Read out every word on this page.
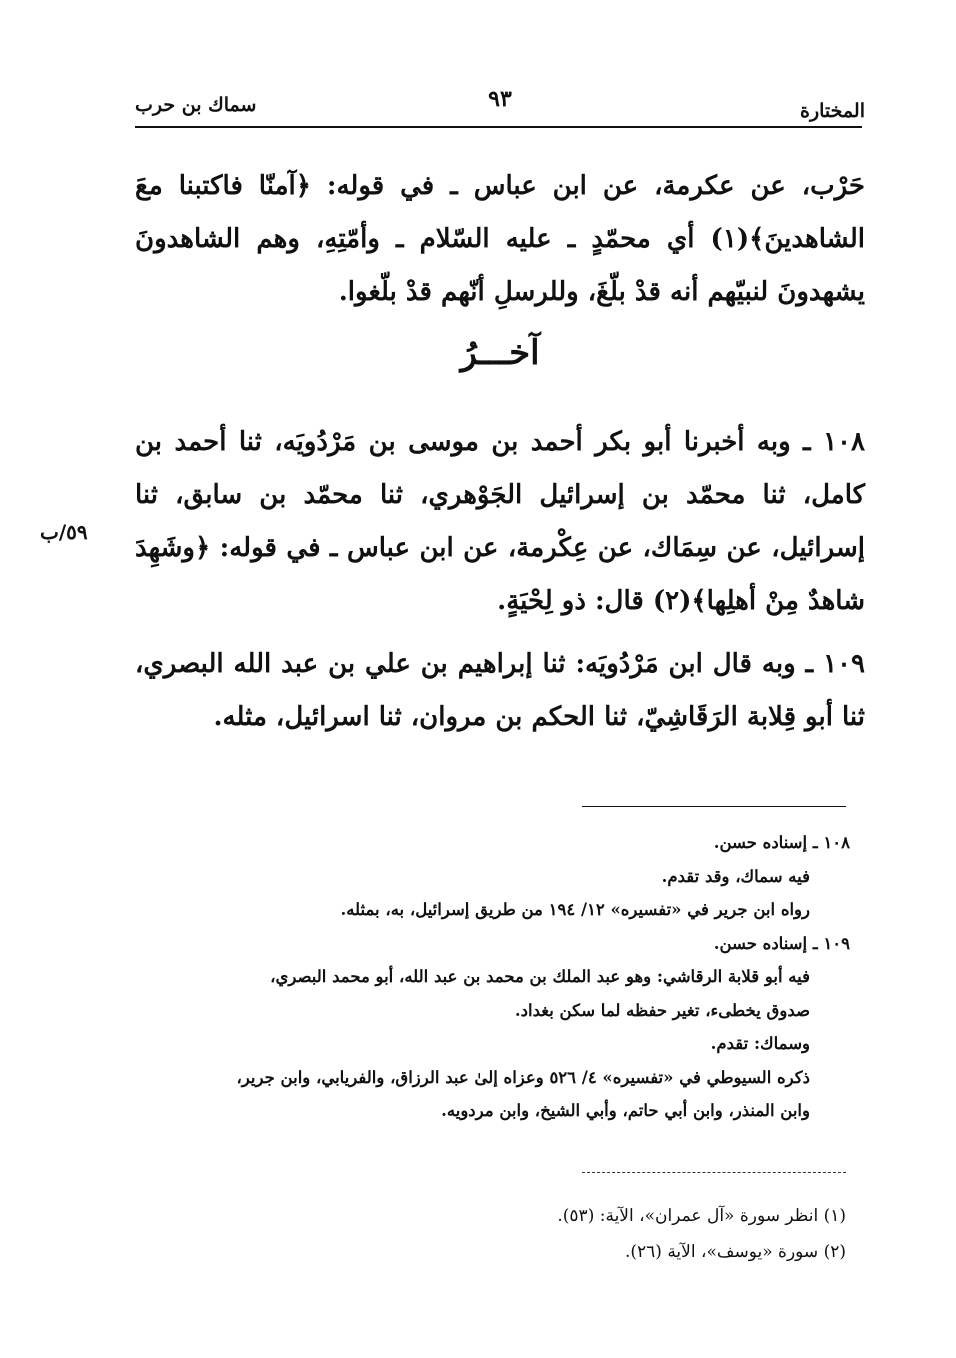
المختارة
٩٣
سماك بن حرب

حَرْب، عن عكرمة، عن ابن عباس ـ في قوله: ﴿آمنّا فاكتبنا معَ الشاهدينَ﴾(١) أي محمّدٍ ـ عليه السّلام ـ وأمّتِهِ، وهم الشاهدونَ يشهدونَ لنبيّهم أنه قدْ بلّغَ، وللرسلِ أنّهم قدْ بلّغوا.

آخـــرُ

١٠٨ ـ وبه أخبرنا أبو بكر أحمد بن موسى بن مَرْدُويَه، ثنا أحمد بن كامل، ثنا محمّد بن إسرائيل الجَوْهري، ثنا محمّد بن سابق، ثنا إسرائيل، عن سِمَاك، عن عِكْرمة، عن ابن عباس ـ في قوله: ﴿وشَهِدَ شاهدٌ مِنْ أهلِها﴾(٢) قال: ذو لِحْيَةٍ.

٥٩/ب

١٠٩ ـ وبه قال ابن مَرْدُويَه: ثنا إبراهيم بن علي بن عبد الله البصري، ثنا أبو قِلابة الرَقَاشِيّ، ثنا الحكم بن مروان، ثنا اسرائيل، مثله.

١٠٨ ـ إسناده حسن.
فيه سماك، وقد تقدم.
رواه ابن جرير في «تفسيره» ١٢/ ١٩٤ من طريق إسرائيل، به، بمثله.
١٠٩ ـ إسناده حسن.
فيه أبو قلابة الرقاشي: وهو عبد الملك بن محمد بن عبد الله، أبو محمد البصري،
صدوق يخطىء، تغير حفظه لما سكن بغداد.
وسماك: تقدم.
ذكره السيوطي في «تفسيره» ٤/ ٥٢٦ وعزاه إلىٰ عبد الرزاق، والفريابي، وابن جرير،
وابن المنذر، وابن أبي حاتم، وأبي الشيخ، وابن مردويه.
(١) انظر سورة «آل عمران»، الآية: (٥٣).
(٢) سورة «يوسف»، الآية (٢٦).
